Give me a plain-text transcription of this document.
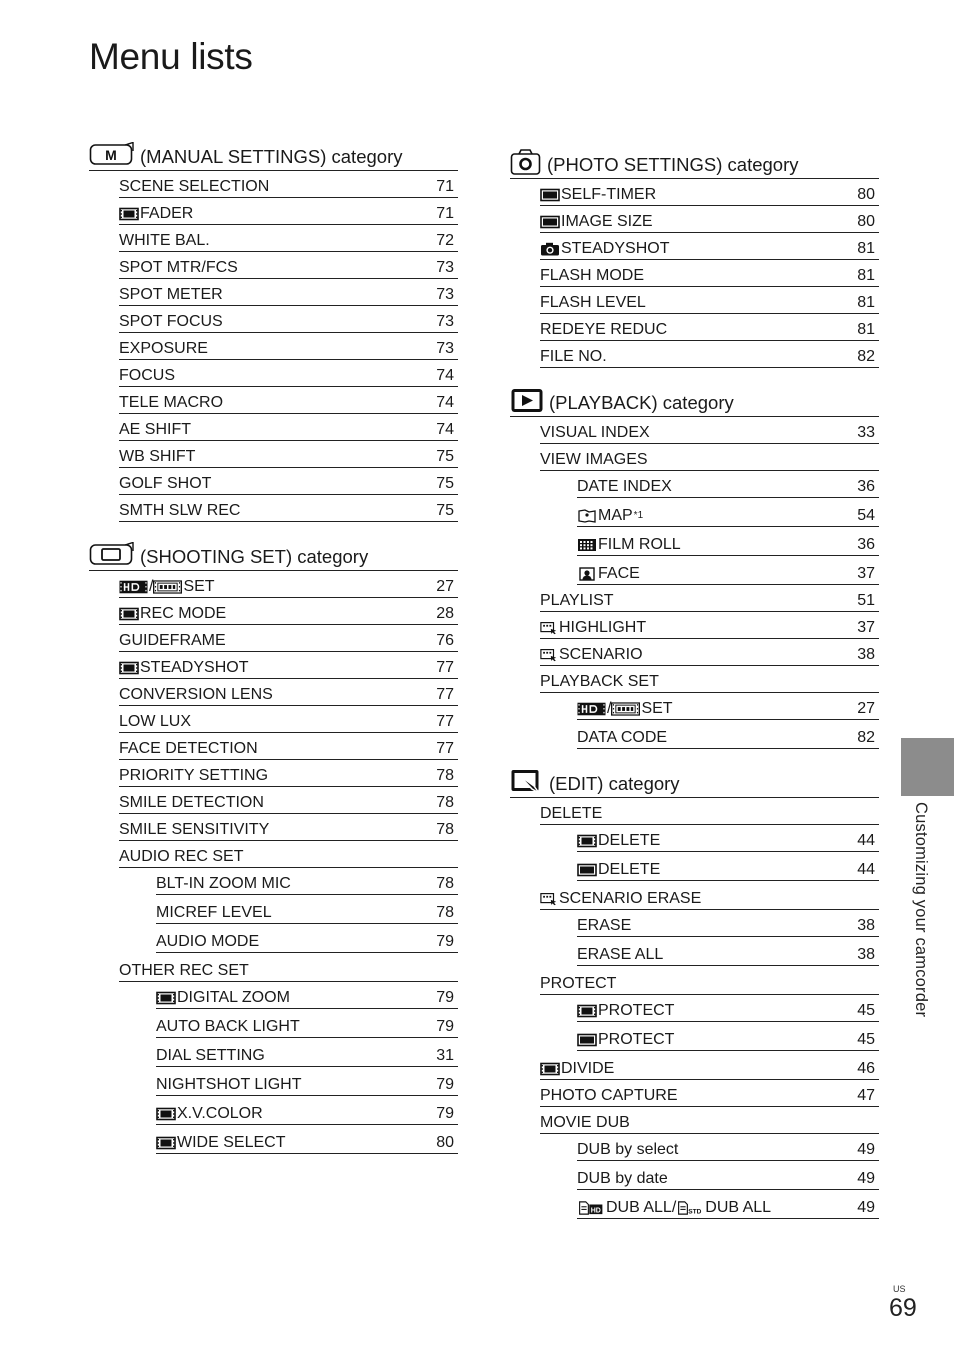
Menu lists
M (MANUAL SETTINGS) category
SCENE SELECTION	71
FADER	71
WHITE BAL.	72
SPOT MTR/FCS	73
SPOT METER	73
SPOT FOCUS	73
EXPOSURE	73
FOCUS	74
TELE MACRO	74
AE SHIFT	74
WB SHIFT	75
GOLF SHOT	75
SMTH SLW REC	75
(SHOOTING SET) category
/ SET	27
REC MODE	28
GUIDEFRAME	76
STEADYSHOT	77
CONVERSION LENS	77
LOW LUX	77
FACE DETECTION	77
PRIORITY SETTING	78
SMILE DETECTION	78
SMILE SENSITIVITY	78
AUDIO REC SET
BLT-IN ZOOM MIC	78
MICREF LEVEL	78
AUDIO MODE	79
OTHER REC SET
DIGITAL ZOOM	79
AUTO BACK LIGHT	79
DIAL SETTING	31
NIGHTSHOT LIGHT	79
X.V.COLOR	79
WIDE SELECT	80
(PHOTO SETTINGS) category
SELF-TIMER	80
IMAGE SIZE	80
STEADYSHOT	81
FLASH MODE	81
FLASH LEVEL	81
REDEYE REDUC	81
FILE NO.	82
(PLAYBACK) category
VISUAL INDEX	33
VIEW IMAGES
DATE INDEX	36
MAP *1	54
FILM ROLL	36
FACE	37
PLAYLIST	51
HIGHLIGHT	37
SCENARIO	38
PLAYBACK SET
/ SET	27
DATA CODE	82
(EDIT) category
DELETE
DELETE	44
DELETE	44
SCENARIO ERASE
ERASE	38
ERASE ALL	38
PROTECT
PROTECT	45
PROTECT	45
DIVIDE	46
PHOTO CAPTURE	47
MOVIE DUB
DUB by select	49
DUB by date	49
DUB ALL/ DUB ALL	49
Customizing your camcorder
US
69
